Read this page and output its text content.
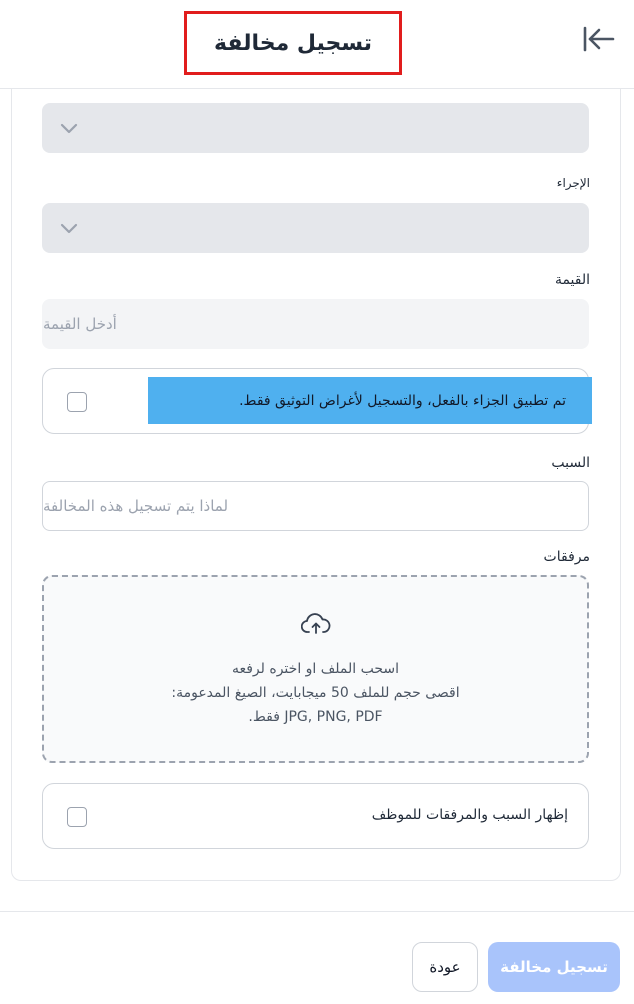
تسجيل مخالفة
الإجراء
القيمة
أدخل القيمة
.تم تطبيق الجزاء بالفعل، والتسجيل لأغراض التوثيق فقط
السبب
لماذا يتم تسجيل هذه المخالفة
مرفقات
اسحب الملف او اختره لرفعه
اقصى حجم للملف 50 ميجابايت، الصيغ المدعومة:
JPG, PNG, PDF فقط.
إظهار السبب والمرفقات للموظف
عودة	تسجيل مخالفة
